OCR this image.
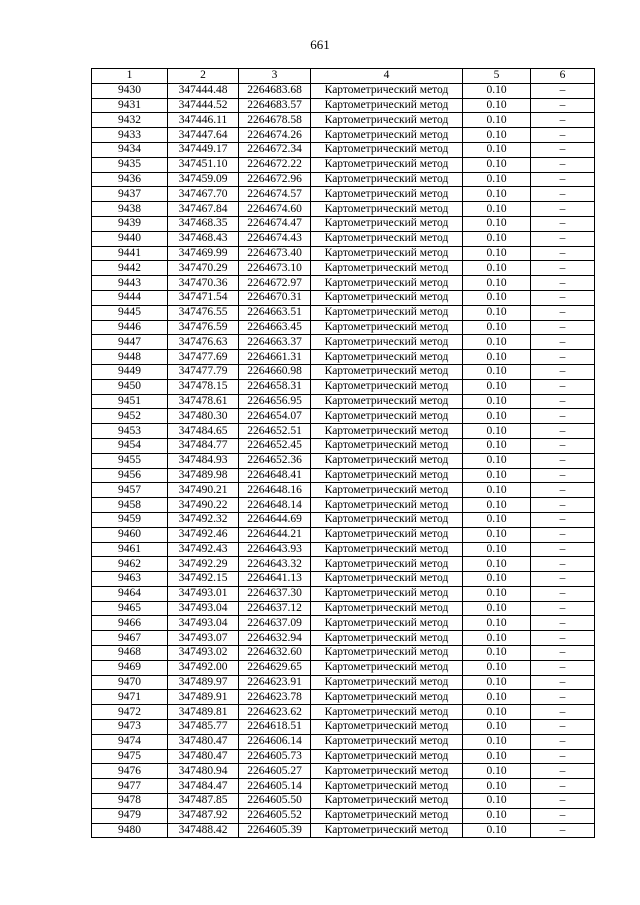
661
1	2	3	4	5	6
9430	347444.48	2264683.68	Картометрический метод	0.10	–
9431	347444.52	2264683.57	Картометрический метод	0.10	–
9432	347446.11	2264678.58	Картометрический метод	0.10	–
9433	347447.64	2264674.26	Картометрический метод	0.10	–
9434	347449.17	2264672.34	Картометрический метод	0.10	–
9435	347451.10	2264672.22	Картометрический метод	0.10	–
9436	347459.09	2264672.96	Картометрический метод	0.10	–
9437	347467.70	2264674.57	Картометрический метод	0.10	–
9438	347467.84	2264674.60	Картометрический метод	0.10	–
9439	347468.35	2264674.47	Картометрический метод	0.10	–
9440	347468.43	2264674.43	Картометрический метод	0.10	–
9441	347469.99	2264673.40	Картометрический метод	0.10	–
9442	347470.29	2264673.10	Картометрический метод	0.10	–
9443	347470.36	2264672.97	Картометрический метод	0.10	–
9444	347471.54	2264670.31	Картометрический метод	0.10	–
9445	347476.55	2264663.51	Картометрический метод	0.10	–
9446	347476.59	2264663.45	Картометрический метод	0.10	–
9447	347476.63	2264663.37	Картометрический метод	0.10	–
9448	347477.69	2264661.31	Картометрический метод	0.10	–
9449	347477.79	2264660.98	Картометрический метод	0.10	–
9450	347478.15	2264658.31	Картометрический метод	0.10	–
9451	347478.61	2264656.95	Картометрический метод	0.10	–
9452	347480.30	2264654.07	Картометрический метод	0.10	–
9453	347484.65	2264652.51	Картометрический метод	0.10	–
9454	347484.77	2264652.45	Картометрический метод	0.10	–
9455	347484.93	2264652.36	Картометрический метод	0.10	–
9456	347489.98	2264648.41	Картометрический метод	0.10	–
9457	347490.21	2264648.16	Картометрический метод	0.10	–
9458	347490.22	2264648.14	Картометрический метод	0.10	–
9459	347492.32	2264644.69	Картометрический метод	0.10	–
9460	347492.46	2264644.21	Картометрический метод	0.10	–
9461	347492.43	2264643.93	Картометрический метод	0.10	–
9462	347492.29	2264643.32	Картометрический метод	0.10	–
9463	347492.15	2264641.13	Картометрический метод	0.10	–
9464	347493.01	2264637.30	Картометрический метод	0.10	–
9465	347493.04	2264637.12	Картометрический метод	0.10	–
9466	347493.04	2264637.09	Картометрический метод	0.10	–
9467	347493.07	2264632.94	Картометрический метод	0.10	–
9468	347493.02	2264632.60	Картометрический метод	0.10	–
9469	347492.00	2264629.65	Картометрический метод	0.10	–
9470	347489.97	2264623.91	Картометрический метод	0.10	–
9471	347489.91	2264623.78	Картометрический метод	0.10	–
9472	347489.81	2264623.62	Картометрический метод	0.10	–
9473	347485.77	2264618.51	Картометрический метод	0.10	–
9474	347480.47	2264606.14	Картометрический метод	0.10	–
9475	347480.47	2264605.73	Картометрический метод	0.10	–
9476	347480.94	2264605.27	Картометрический метод	0.10	–
9477	347484.47	2264605.14	Картометрический метод	0.10	–
9478	347487.85	2264605.50	Картометрический метод	0.10	–
9479	347487.92	2264605.52	Картометрический метод	0.10	–
9480	347488.42	2264605.39	Картометрический метод	0.10	–
